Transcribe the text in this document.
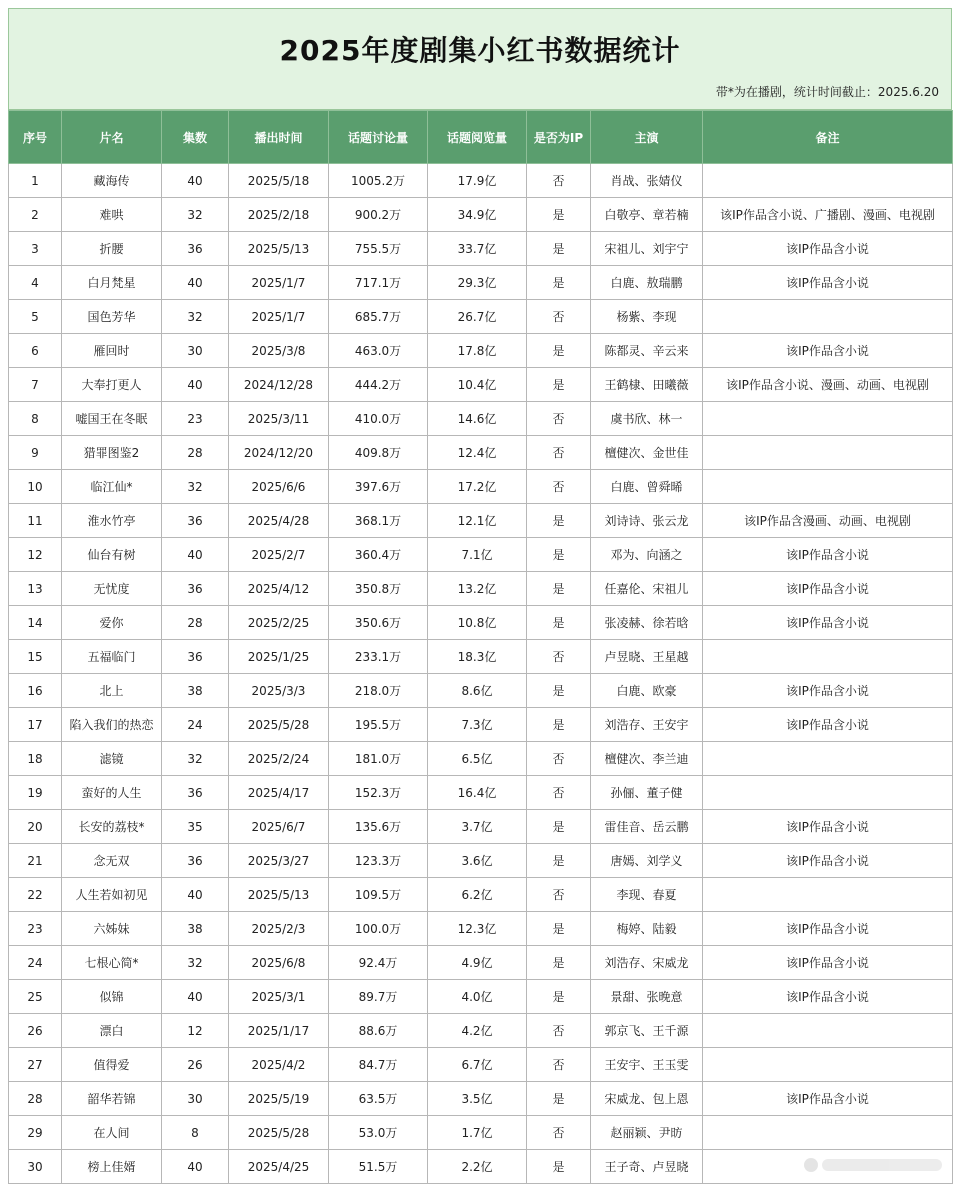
2025年度剧集小红书数据统计
带*为在播剧，统计时间截止：2025.6.20
序号	片名	集数	播出时间	话题讨论量	话题阅览量	是否为IP	主演	备注
1	藏海传	40	2025/5/18	1005.2万	17.9亿	否	肖战、张婧仪	
2	难哄	32	2025/2/18	900.2万	34.9亿	是	白敬亭、章若楠	该IP作品含小说、广播剧、漫画、电视剧
3	折腰	36	2025/5/13	755.5万	33.7亿	是	宋祖儿、刘宇宁	该IP作品含小说
4	白月梵星	40	2025/1/7	717.1万	29.3亿	是	白鹿、敖瑞鹏	该IP作品含小说
5	国色芳华	32	2025/1/7	685.7万	26.7亿	否	杨紫、李现	
6	雁回时	30	2025/3/8	463.0万	17.8亿	是	陈都灵、辛云来	该IP作品含小说
7	大奉打更人	40	2024/12/28	444.2万	10.4亿	是	王鹤棣、田曦薇	该IP作品含小说、漫画、动画、电视剧
8	嘘国王在冬眠	23	2025/3/11	410.0万	14.6亿	否	虞书欣、林一	
9	猎罪图鉴2	28	2024/12/20	409.8万	12.4亿	否	檀健次、金世佳	
10	临江仙*	32	2025/6/6	397.6万	17.2亿	否	白鹿、曾舜晞	
11	淮水竹亭	36	2025/4/28	368.1万	12.1亿	是	刘诗诗、张云龙	该IP作品含漫画、动画、电视剧
12	仙台有树	40	2025/2/7	360.4万	7.1亿	是	邓为、向涵之	该IP作品含小说
13	无忧度	36	2025/4/12	350.8万	13.2亿	是	任嘉伦、宋祖儿	该IP作品含小说
14	爱你	28	2025/2/25	350.6万	10.8亿	是	张凌赫、徐若晗	该IP作品含小说
15	五福临门	36	2025/1/25	233.1万	18.3亿	否	卢昱晓、王星越	
16	北上	38	2025/3/3	218.0万	8.6亿	是	白鹿、欧豪	该IP作品含小说
17	陷入我们的热恋	24	2025/5/28	195.5万	7.3亿	是	刘浩存、王安宇	该IP作品含小说
18	滤镜	32	2025/2/24	181.0万	6.5亿	否	檀健次、李兰迪	
19	蛮好的人生	36	2025/4/17	152.3万	16.4亿	否	孙俪、董子健	
20	长安的荔枝*	35	2025/6/7	135.6万	3.7亿	是	雷佳音、岳云鹏	该IP作品含小说
21	念无双	36	2025/3/27	123.3万	3.6亿	是	唐嫣、刘学义	该IP作品含小说
22	人生若如初见	40	2025/5/13	109.5万	6.2亿	否	李现、春夏	
23	六姊妹	38	2025/2/3	100.0万	12.3亿	是	梅婷、陆毅	该IP作品含小说
24	七根心简*	32	2025/6/8	92.4万	4.9亿	是	刘浩存、宋威龙	该IP作品含小说
25	似锦	40	2025/3/1	89.7万	4.0亿	是	景甜、张晚意	该IP作品含小说
26	漂白	12	2025/1/17	88.6万	4.2亿	否	郭京飞、王千源	
27	值得爱	26	2025/4/2	84.7万	6.7亿	否	王安宇、王玉雯	
28	韶华若锦	30	2025/5/19	63.5万	3.5亿	是	宋威龙、包上恩	该IP作品含小说
29	在人间	8	2025/5/28	53.0万	1.7亿	否	赵丽颖、尹昉	
30	榜上佳婿	40	2025/4/25	51.5万	2.2亿	是	王子奇、卢昱晓	
